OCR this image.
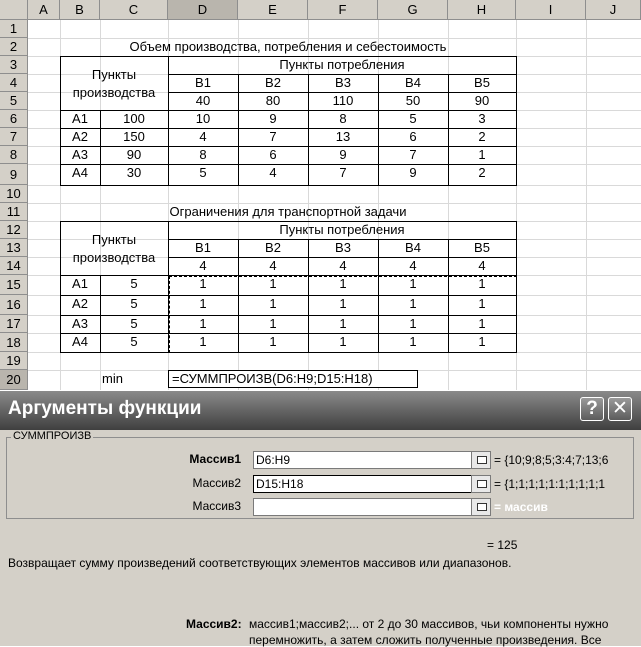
A	B	C	D	E	F	G	H	I	J
1
2
3
4
5
6
7
8
9
10
11
12
13
14
15
16
17
18
19
20
Объем производства, потребления и себестоимость
Пункты
производства
Пункты потребления
B1	B2	B3	B4	B5
40	80	110	50	90
A1	100	10	9	8	5	3
A2	150	4	7	13	6	2
A3	90	8	6	9	7	1
A4	30	5	4	7	9	2
Ограничения для транспортной задачи
Пункты
производства
Пункты потребления
B1	B2	B3	B4	B5
4	4	4	4	4
A1	5	1	1	1	1	1
A2	5	1	1	1	1	1
A3	5	1	1	1	1	1
A4	5	1	1	1	1	1
min	=СУММПРОИЗВ(D6:H9;D15:H18)
Аргументы функции	? ✕
СУММПРОИЗВ
Массив1 D6:H9	= {10;9;8;5;3:4;7;13;6
Массив2 D15:H18	= {1;1;1;1;1:1;1;1;1;1
Массив3	= массив
= 125
Возвращает сумму произведений соответствующих элементов массивов или диапазонов.
Массив2: массив1;массив2;... от 2 до 30 массивов, чьи компоненты нужно
перемножить, а затем сложить полученные произведения. Все
